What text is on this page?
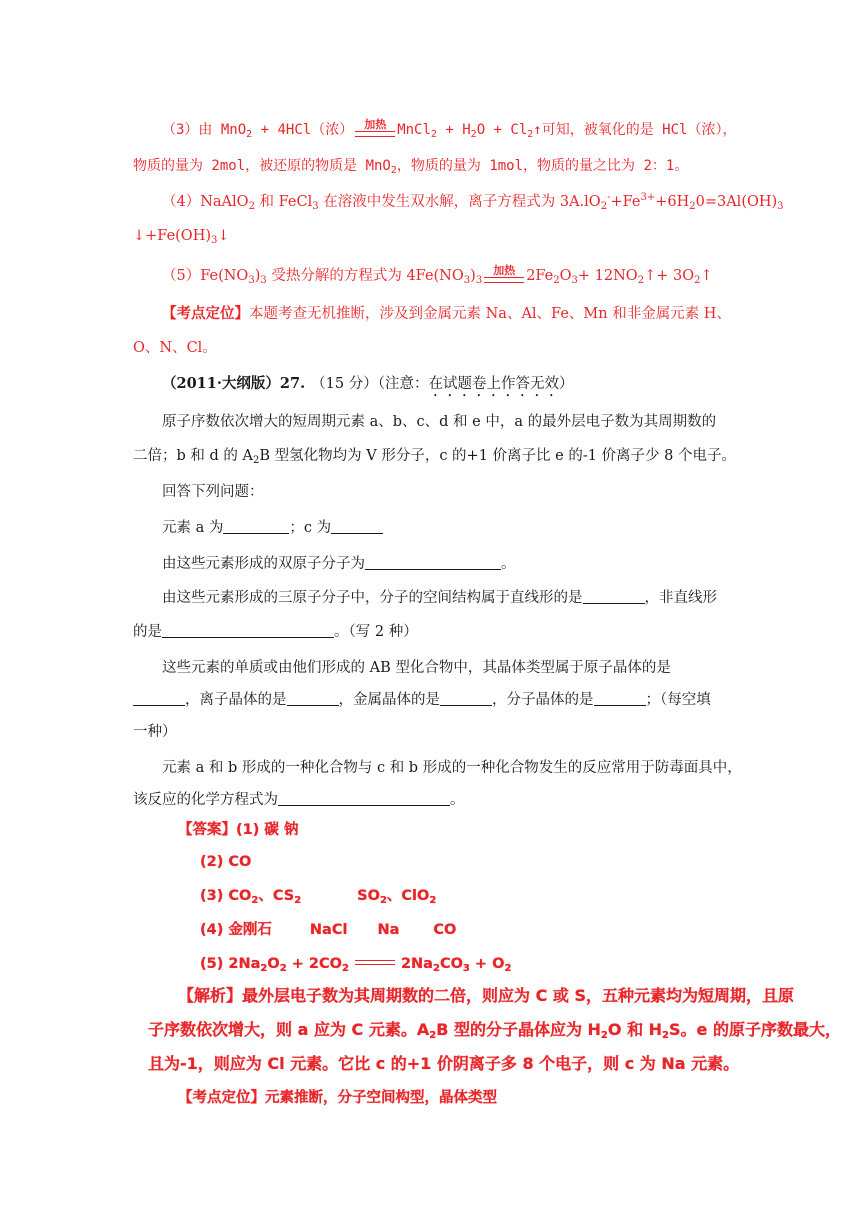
（3）由 MnO$_2$ + 4HCl（浓）	加热 MnCl$_2$ + $H_2O$ + $Cl_2↑$可知，被氧化的是 HCl（浓），
物质的量为 2mol，被还原的物质是 MnO$_2$，物质的量为 1mol，物质的量之比为 2：1。
（4）NaAlO$_2$ 和 FeCl$_3$ 在溶液中发生双水解，离子方程式为 $3A.lO_2^-+Fe^{3+}+6H_20=3Al(OH)_3$
$↓+Fe(OH)_3↓$
$(5)Fe(NO_3)_3$ 受热分解的方程式为 $4Fe(NO_3)_3$
加热 $2Fe_2O_3+$ $12NO_2↑+$ $3O_2↑$
【考点定位】本题考查无机推断，涉及到金属元素 Na、Al、Fe、Mn 和非金属元素 H、
O、N、Cl。
（2011·大纲版）27. （15 分）（注意：在试题卷上作答无效）
原子序数依次增大的短周期元素 a、b、c、d 和 e 中，a 的最外层电子数为其周期数的
二倍；b 和 d 的 $A_2B$ 型氢化物均为 V 形分子，c 的+1 价离子比 e 的-1 价离子少 8 个电子。
回答下列问题：
元素 a 为	；c 为
由这些元素形成的双原子分子为	。
由这些元素形成的三原子分子中，分子的空间结构属于直线形的是	，非直线形
的是	。（写 2 种）
这些元素的单质或由他们形成的 AB 型化合物中，其晶体类型属于原子晶体的是
，离子晶体的是	，金属晶体的是	，分子晶体的是	；（每空填
一种）
元素 a 和 b 形成的一种化合物与 c 和 b 形成的一种化合物发生的反应常用于防毒面具中，
该反应的化学方程式为	。
【答案】(1) 碳 钠
(2) CO
(3) $CO_2$、$CS_2$	$SO_2$、ClO$_2$
(4) 金刚石	NaCl Na CO
(5) $2Na_2O_2 + 2CO_2$	$2Na_2CO_3 + O_2$
【解析】最外层电子数为其周期数的二倍，则应为 C 或 S，五种元素均为短周期，且原
子序数依次增大，则 a 应为 C 元素。$A_2B$ 型的分子晶体应为 $H_2O$ 和 $H_2S$。e 的原子序数最大，
且为-1，则应为 Cl 元素。它比 c 的+1 价阴离子多 8 个电子，则 c 为 Na 元素。
【考点定位】元素推断，分子空间构型，晶体类型
